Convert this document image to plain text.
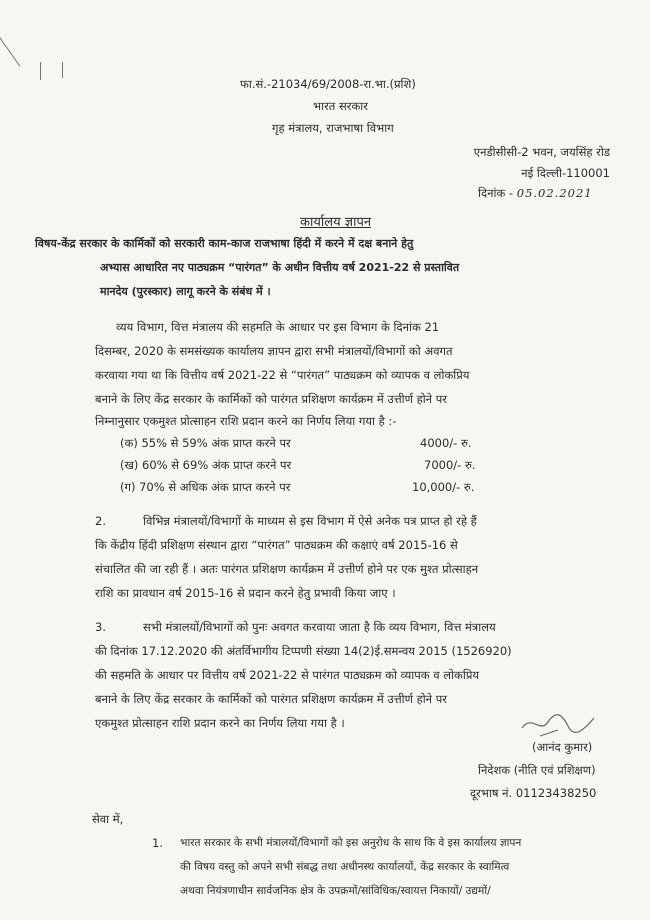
फा.सं.-21034/69/2008-रा.भा.(प्रशि)
भारत सरकार
गृह मंत्रालय, राजभाषा विभाग
एनडीसीसी-2 भवन, जयसिंह रोड
नई दिल्ली-110001
दिनांक - 05.02.2021
कार्यालय ज्ञापन
विषय-केंद्र सरकार के कार्मिकों को सरकारी काम-काज राजभाषा हिंदी में करने में दक्ष बनाने हेतु
अभ्यास आधारित नए पाठ्यक्रम “पारंगत” के अधीन वित्तीय वर्ष 2021-22 से प्रस्तावित
मानदेय (पुरस्कार) लागू करने के संबंध में ।
व्यय विभाग, वित्त मंत्रालय की सहमति के आधार पर इस विभाग के दिनांक 21
दिसम्बर, 2020 के समसंख्यक कार्यालय ज्ञापन द्वारा सभी मंत्रालयों/विभागों को अवगत
करवाया गया था कि वित्तीय वर्ष 2021-22 से “पारंगत” पाठ्यक्रम को व्यापक व लोकप्रिय
बनाने के लिए केंद्र सरकार के कार्मिकों को पारंगत प्रशिक्षण कार्यक्रम में उत्तीर्ण होने पर
निम्नानुसार एकमुश्त प्रोत्साहन राशि प्रदान करने का निर्णय लिया गया है :-
(क) 55% से 59% अंक प्राप्त करने पर	4000/- रु.
(ख) 60% से 69% अंक प्राप्त करने पर	7000/- रु.
(ग) 70% से अधिक अंक प्राप्त करने पर	10,000/- रु.
2.	विभिन्न मंत्रालयों/विभागों के माध्यम से इस विभाग में ऐसे अनेक पत्र प्राप्त हो रहे हैं
कि केंद्रीय हिंदी प्रशिक्षण संस्थान द्वारा “पारंगत” पाठ्यक्रम की कक्षाएं वर्ष 2015-16 से
संचालित की जा रही हैं । अतः पारंगत प्रशिक्षण कार्यक्रम में उत्तीर्ण होने पर एक मुश्त प्रोत्साहन
राशि का प्रावधान वर्ष 2015-16 से प्रदान करने हेतु प्रभावी किया जाए ।
3.	सभी मंत्रालयों/विभागों को पुनः अवगत करवाया जाता है कि व्यय विभाग, वित्त मंत्रालय
की दिनांक 17.12.2020 की अंतर्विभागीय टिप्पणी संख्या 14(2)ई.समन्वय 2015 (1526920)
की सहमति के आधार पर वित्तीय वर्ष 2021-22 से पारंगत पाठ्यक्रम को व्यापक व लोकप्रिय
बनाने के लिए केंद्र सरकार के कार्मिकों को पारंगत प्रशिक्षण कार्यक्रम में उत्तीर्ण होने पर
एकमुश्त प्रोत्साहन राशि प्रदान करने का निर्णय लिया गया है ।
(आनंद कुमार)
निदेशक (नीति एवं प्रशिक्षण)
दूरभाष नं. 01123438250
सेवा में,
1. भारत सरकार के सभी मंत्रालयों/विभागों को इस अनुरोध के साथ कि वे इस कार्यालय ज्ञापन
की विषय वस्तु को अपने सभी संबद्ध तथा अधीनस्थ कार्यालयों, केंद्र सरकार के स्वामित्व
अथवा नियंत्रणाधीन सार्वजनिक क्षेत्र के उपक्रमों/सांविधिक/स्वायत्त निकायों/ उद्यमों/
